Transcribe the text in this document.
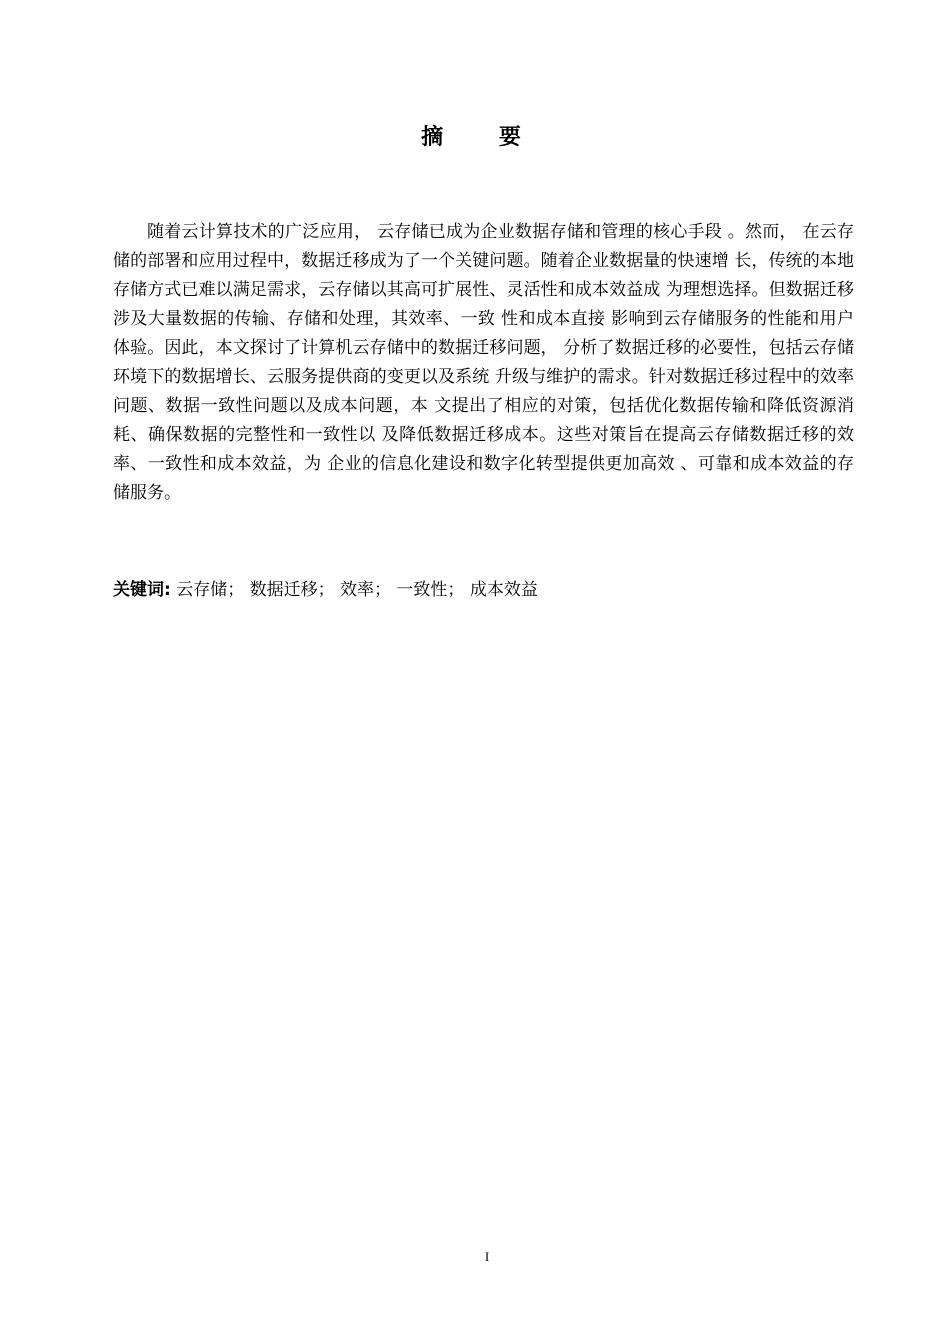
摘 要

随着云计算技术的广泛应用， 云存储已成为企业数据存储和管理的核心手段 。然而， 在云存储的部署和应用过程中，数据迁移成为了一个关键问题。随着企业数据量的快速增 长，传统的本地存储方式已难以满足需求，云存储以其高可扩展性、灵活性和成本效益成 为理想选择。但数据迁移涉及大量数据的传输、存储和处理，其效率、一致 性和成本直接 影响到云存储服务的性能和用户体验。因此，本文探讨了计算机云存储中的数据迁移问题， 分析了数据迁移的必要性，包括云存储环境下的数据增长、云服务提供商的变更以及系统 升级与维护的需求。针对数据迁移过程中的效率问题、数据一致性问题以及成本问题，本 文提出了相应的对策，包括优化数据传输和降低资源消耗、确保数据的完整性和一致性以 及降低数据迁移成本。这些对策旨在提高云存储数据迁移的效率、一致性和成本效益，为 企业的信息化建设和数字化转型提供更加高效 、可靠和成本效益的存储服务。

关键词: 云存储； 数据迁移； 效率； 一致性； 成本效益

I
